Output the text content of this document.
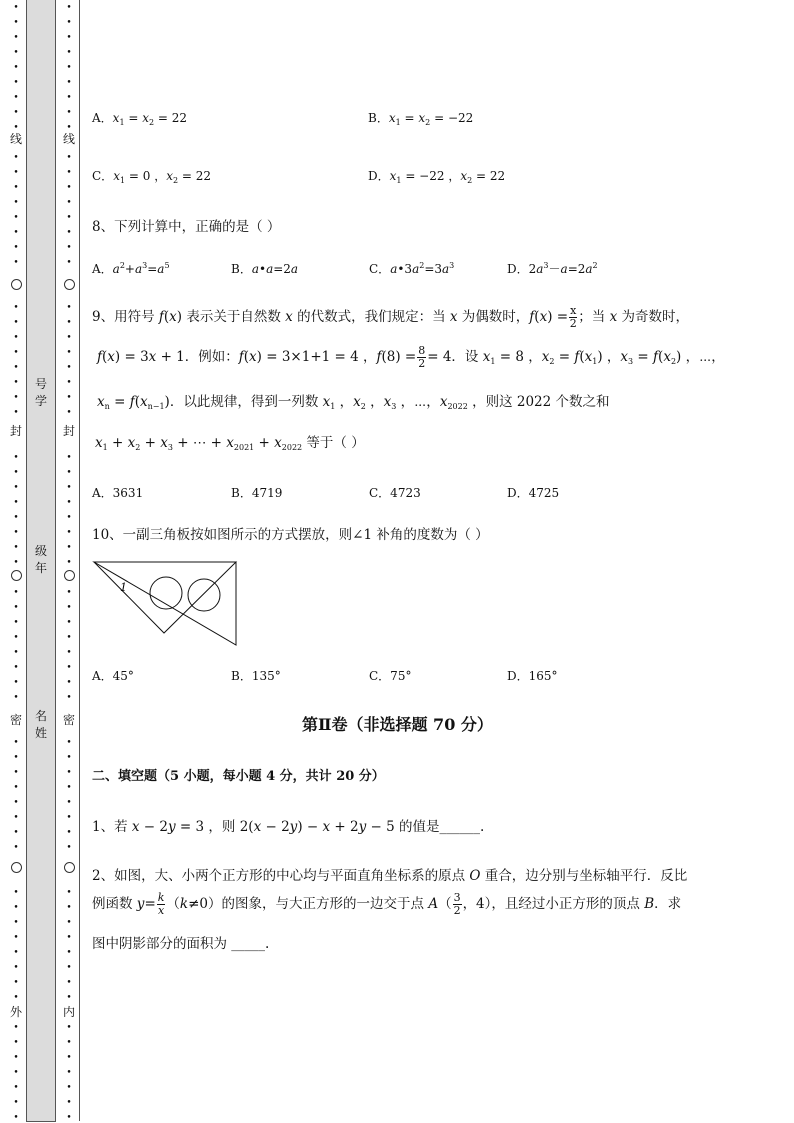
•
•
•
•
•
•
•
•
•
•
•
•
•
•
•
•
•
•
•
•
•
•
•
•
•
•
•
•
•
•
•
•
•
•
•
•
•
•
•
•
•
•
•
•
•
•
•
•
•
•
•
•
•
•
•
•
•
•
•
•
•
•
•
•
线
封
密
外
号
学
级
年
名
姓
•
•
•
•
•
•
•
•
•
•
•
•
•
•
•
•
•
•
•
•
•
•
•
•
•
•
•
•
•
•
•
•
•
•
•
•
•
•
•
•
•
•
•
•
•
•
•
•
•
•
•
•
•
•
•
•
•
•
•
•
•
•
•
•
线
封
密
内
A．$x_1 = x_2 = 22$	B．$x_1 = x_2 = -22$
C．$x_1 = 0$ ，$x_2 = 22$	D．$x_1 = -22$ ，$x_2 = 22$
8、下列计算中，正确的是（ ）
A．$a^2+a^3=a^5$	B．a•a=2a	C．$a•3a^2=3a^3$	D．$2a^3-a=2a^2$
9、用符号 f(x) 表示关于自然数 x 的代数式，我们规定：当 x 为偶数时，$f(x) = \frac{x}{2}$ ；当 x 为奇数时，
f(x) = 3x + 1．例如：f(x) = 3×1+1 = 4 ，$f(8) = \frac{8}{2} = 4$．设 $x_1 = 8$ ，$x_2 = f(x_1)$ ，$x_3 = f(x_2)$ ，⋯，
$x_n = f(x_{n-1})$．以此规律，得到一列数 $x_1$ ，$x_2$ ，$x_3$ ，⋯，$x_{2022}$ ，则这 2022 个数之和
$x_1 + x_2 + x_3$ + ⋯ + $x_{2021} + x_{2022}$ 等于（ ）
A．3631	B．4719	C．4723	D．4725
10、一副三角板按如图所示的方式摆放，则∠1 补角的度数为（ ）
1
A．45°	B．135°	C．75°	D．165°
第Ⅱ卷（非选择题 70 分）
二、填空题（5 小题，每小题 4 分，共计 20 分）
1、若 x − 2y = 3 ，则 2(x − 2y) − x + 2y − 5 的值是______.
2、如图，大、小两个正方形的中心均与平面直角坐标系的原点 O 重合，边分别与坐标轴平行．反比
例函数 $y= \frac{k}{x} (k\ne 0)$的图象，与大正方形的一边交于点 $A( \frac{3}{2}$ ，4），且经过小正方形的顶点 B．求
图中阴影部分的面积为 _____.
